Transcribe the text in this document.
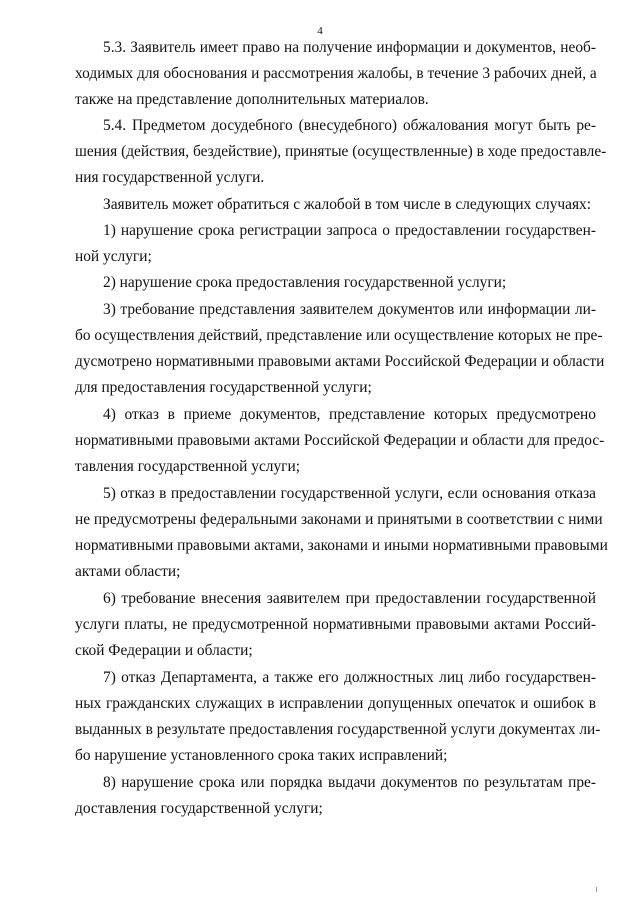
4
5.3. Заявитель имеет право на получение информации и документов, необ-
ходимых для обоснования и рассмотрения жалобы, в течение 3 рабочих дней, а
также на представление дополнительных материалов.
5.4. Предметом досудебного (внесудебного) обжалования могут быть ре-
шения (действия, бездействие), принятые (осуществленные) в ходе предоставле-
ния государственной услуги.
Заявитель может обратиться с жалобой в том числе в следующих случаях:
1) нарушение срока регистрации запроса о предоставлении государствен-
ной услуги;
2) нарушение срока предоставления государственной услуги;
3) требование представления заявителем документов или информации ли-
бо осуществления действий, представление или осуществление которых не пре-
дусмотрено нормативными правовыми актами Российской Федерации и области
для предоставления государственной услуги;
4) отказ в приеме документов, представление которых предусмотрено
нормативными правовыми актами Российской Федерации и области для предос-
тавления государственной услуги;
5) отказ в предоставлении государственной услуги, если основания отказа
не предусмотрены федеральными законами и принятыми в соответствии с ними
нормативными правовыми актами, законами и иными нормативными правовыми
актами области;
6) требование внесения заявителем при предоставлении государственной
услуги платы, не предусмотренной нормативными правовыми актами Россий-
ской Федерации и области;
7) отказ Департамента, а также его должностных лиц либо государствен-
ных гражданских служащих в исправлении допущенных опечаток и ошибок в
выданных в результате предоставления государственной услуги документах ли-
бо нарушение установленного срока таких исправлений;
8) нарушение срока или порядка выдачи документов по результатам пре-
доставления государственной услуги;
